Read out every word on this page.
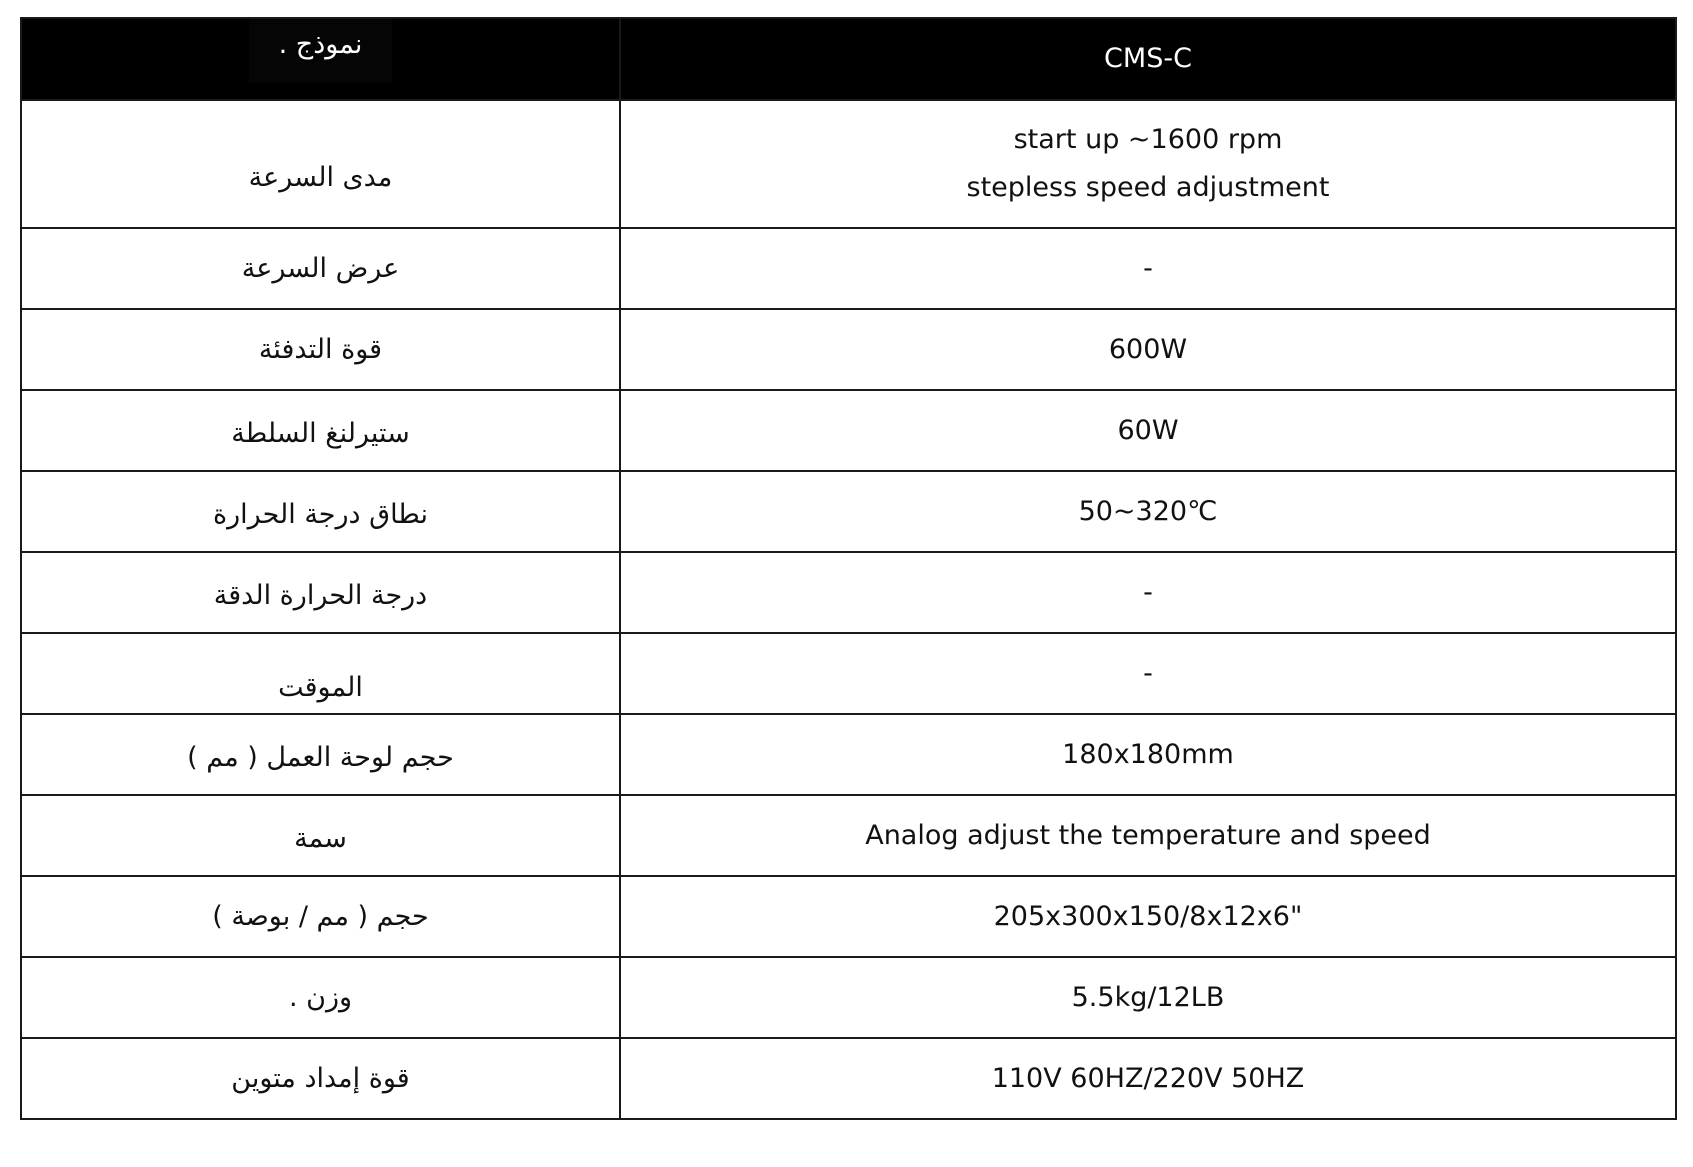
نموذج .	CMS-C
مدى السرعة	start up ~1600 rpm
stepless speed adjustment

عرض السرعة	-
قوة التدفئة	600W
ستيرلنغ السلطة	60W
نطاق درجة الحرارة	50~320℃
درجة الحرارة الدقة	-
الموقت	-
حجم لوحة العمل ( مم )	180x180mm
سمة	Analog adjust the temperature and speed
حجم ( مم / بوصة )	205x300x150/8x12x6"
وزن .	5.5kg/12LB
قوة إمداد متوين	110V 60HZ/220V 50HZ
